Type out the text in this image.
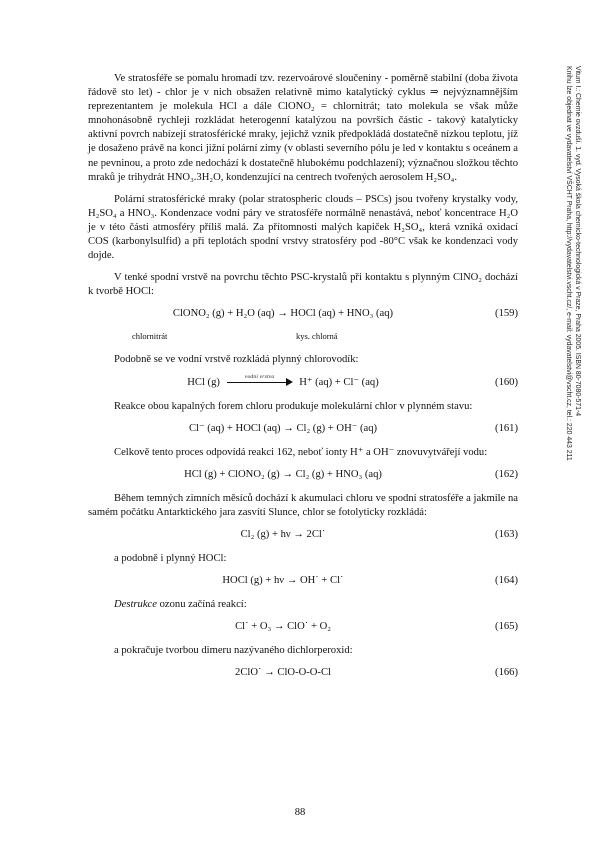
Ve stratosféře se pomalu hromadí tzv. rezervoárové sloučeniny - poměrně stabilní (doba života řádově sto let) - chlor je v nich obsažen relativně mimo katalytický cyklus ⇒ nejvýznamnějším reprezentantem je molekula HCl a dále ClONO₂ = chlornitrát; tato molekula se však může mnohonásobně rychleji rozkládat heterogenní katalýzou na površích částic - takový katalyticky aktivní povrch nabízejí stratosférické mraky, jejichž vznik předpokládá dostatečně nízkou teplotu, jíž je dosaženo právě na konci jižní polární zimy (v oblasti severního pólu je led v kontaktu s oceánem a ne pevninou, a proto zde nedochází k dostatečně hlubokému podchlazení); význačnou složkou těchto mraků je trihydrát HNO₃.3H₂O, kondenzující na centrech tvořených aerosolem H₂SO₄.

Polární stratosférické mraky (polar stratospheric clouds – PSCs) jsou tvořeny krystalky vody, H₂SO₄ a HNO₃. Kondenzace vodní páry ve stratosféře normálně nenastává, neboť koncentrace H₂O je v této části atmosféry příliš malá. Za přítomnosti malých kapiček H₂SO₄, která vzniká oxidací COS (karbonylsulfid) a při teplotách spodní vrstvy stratosféry pod -80°C však ke kondenzaci vody dojde.

V tenké spodní vrstvě na povrchu těchto PSC-krystalů při kontaktu s plynným ClNO₂ dochází k tvorbě HOCl:

ClONO₂ (g) + H₂O (aq) → HOCl (aq) + HNO₃ (aq)	(159)
chlornitrát	kys. chlorná

Podobně se ve vodní vrstvě rozkládá plynný chlorovodík:

HCl (g)	vodní vrstva	H⁺ (aq) + Cl⁻ (aq)	(160)

Reakce obou kapalných forem chloru produkuje molekulární chlor v plynném stavu:

Cl⁻ (aq) + HOCl (aq) → Cl₂ (g) + OH⁻ (aq)	(161)

Celkově tento proces odpovídá reakci 162, neboť ionty H⁺ a OH⁻ znovuvytvářejí vodu:

HCl (g) + ClONO₂ (g) → Cl₂ (g) + HNO₃ (aq)	(162)

Během temných zimních měsíců dochází k akumulaci chloru ve spodní stratosféře a jakmile na samém počátku Antarktického jara zasvítí Slunce, chlor se fotolyticky rozkládá:

Cl₂ (g) + hν → 2Cl˙	(163)

a podobně i plynný HOCl:

HOCl (g) + hν → OH˙ + Cl˙	(164)

Destrukce ozonu začíná reakcí:

Cl˙ + O₃ → ClO˙ + O₂	(165)

a pokračuje tvorbou dimeru nazývaného dichlorperoxid:

2ClO˙ → ClO-O-O-Cl	(166)
88
Vitum I.: Chemie ovzduší. 1. vyd. Vysoká škola chemicko-technologická v Praze, Praha 2005. ISBN 80-7080-571-4
Knihu lze objednat ve vydavatelství VŠCHT Praha, http://vydavatelstvi.vscht.cz/, e-mail: vydavatelstvi@vscht.cz, tel.: 220 443 211
